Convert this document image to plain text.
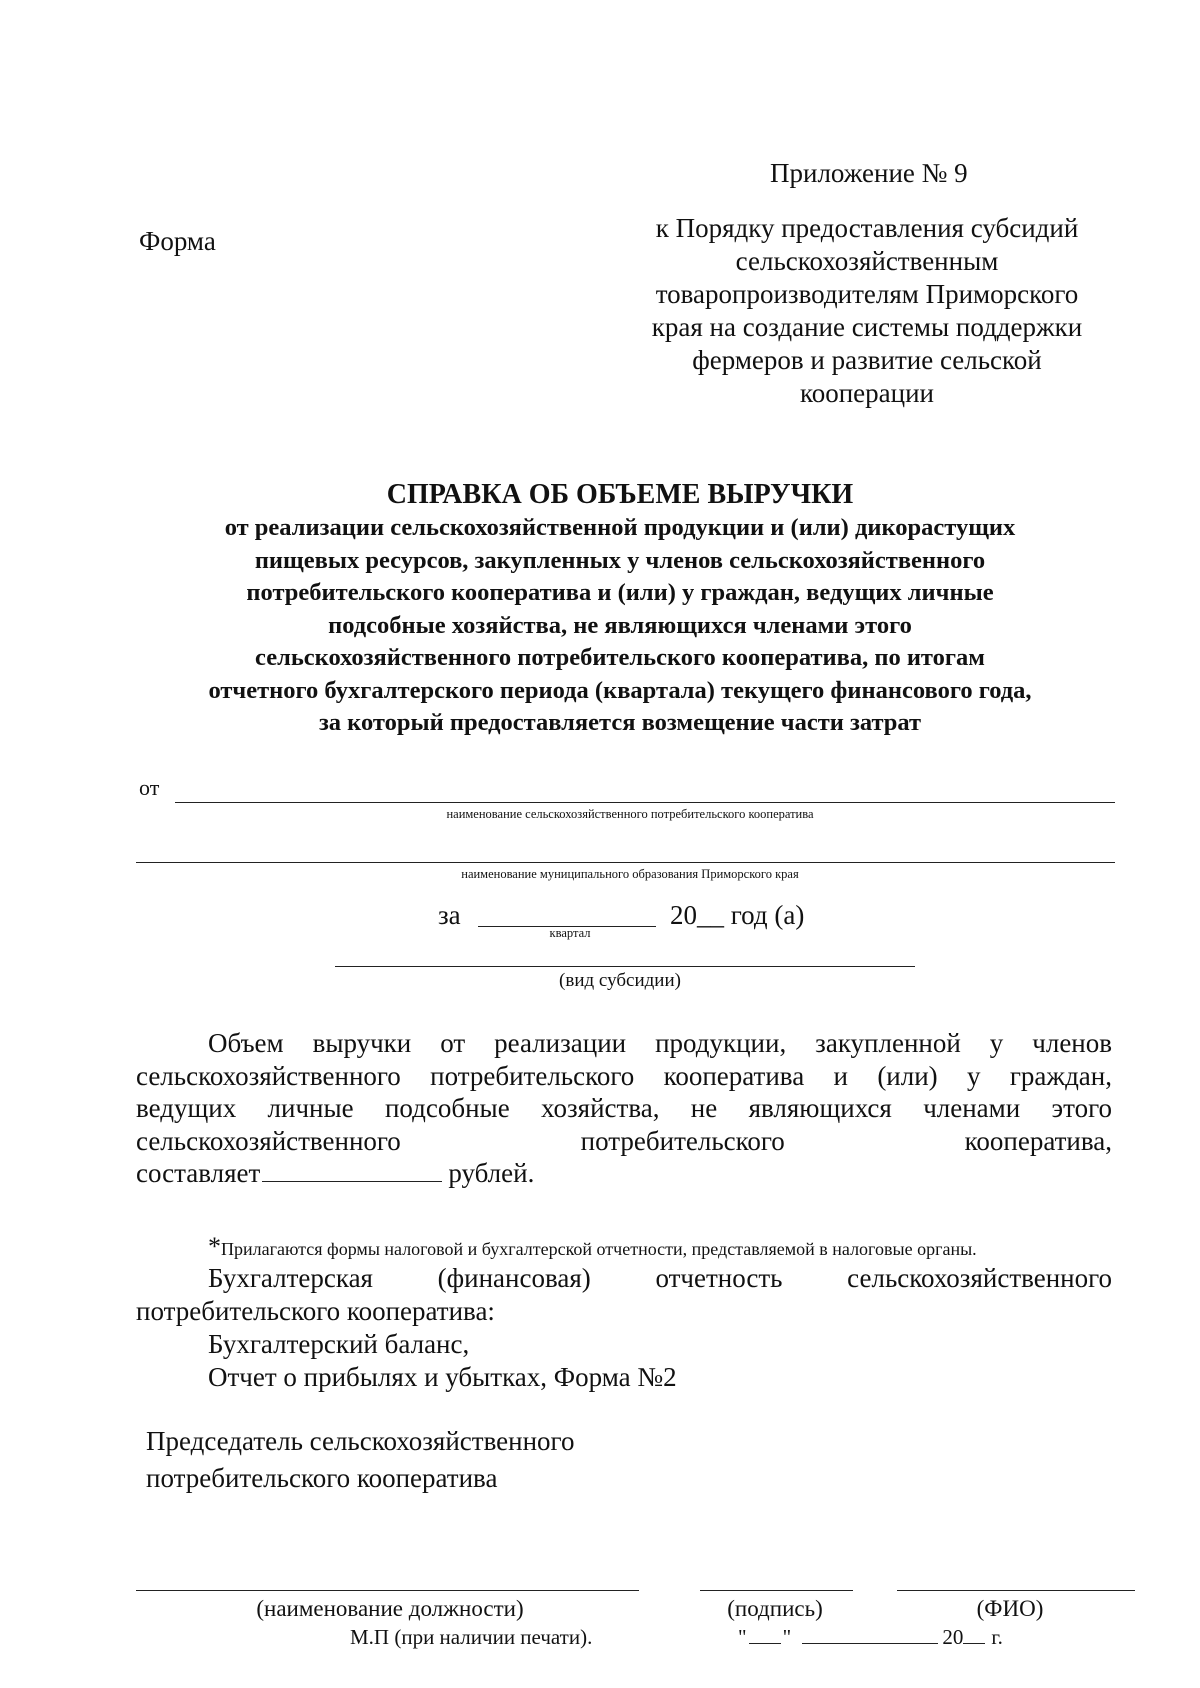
Приложение № 9
Форма	к Порядку предоставления субсидий
сельскохозяйственным
товаропроизводителям Приморского
края на создание системы поддержки
фермеров и развитие сельской
кооперации
СПРАВКА ОБ ОБЪЕМЕ ВЫРУЧКИ
от реализации сельскохозяйственной продукции и (или) дикорастущих
пищевых ресурсов, закупленных у членов сельскохозяйственного
потребительского кооператива и (или) у граждан, ведущих личные
подсобные хозяйства, не являющихся членами этого
сельскохозяйственного потребительского кооператива, по итогам
отчетного бухгалтерского периода (квартала) текущего финансового года,
за который предоставляется возмещение части затрат
от
наименование сельскохозяйственного потребительского кооператива
наименование муниципального образования Приморского края
за	20__ год (а)
квартал
(вид субсидии)
Объем выручки от реализации продукции, закупленной у членов
сельскохозяйственного потребительского кооператива и (или) у граждан,
ведущих личные подсобные хозяйства, не являющихся членами этого
сельскохозяйственного потребительского кооператива,
составляет	рублей.
*Прилагаются формы налоговой и бухгалтерской отчетности, представляемой в налоговые органы.
Бухгалтерская (финансовая) отчетность сельскохозяйственного
потребительского кооператива:
Бухгалтерский баланс,
Отчет о прибылях и убытках, Форма №2
Председатель сельскохозяйственного
потребительского кооператива
(наименование должности)	(подпись)	(ФИО)
М.П (при наличии печати).	" "	20 г.
